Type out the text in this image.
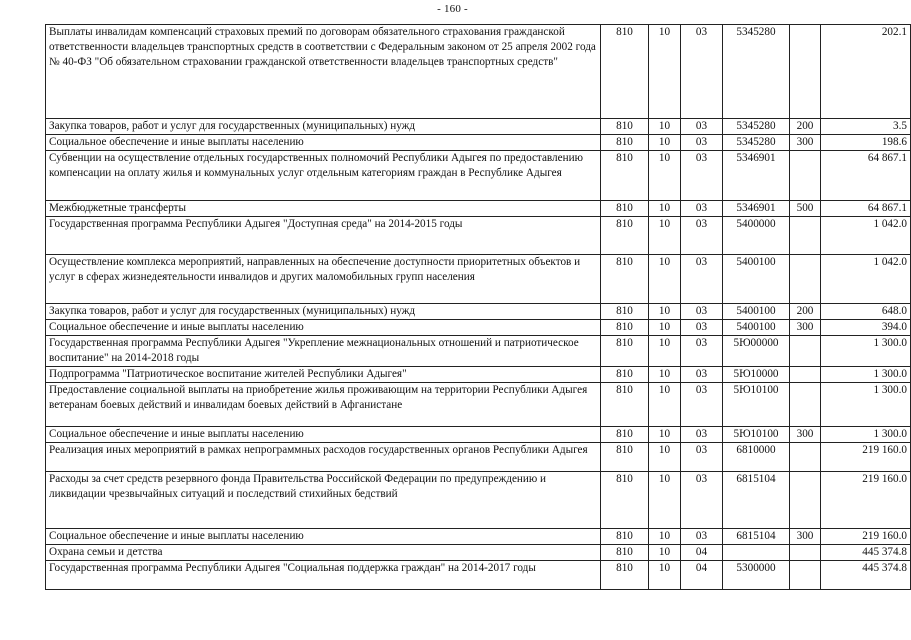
- 160 -
Выплаты инвалидам компенсаций страховых премий по договорам обязательного страхования гражданской ответственности владельцев транспортных средств в соответствии с Федеральным законом от 25 апреля 2002 года № 40-ФЗ "Об обязательном страховании гражданской ответственности владельцев транспортных средств"	810	10	03	5345280		202.1
Закупка товаров, работ и услуг для государственных (муниципальных) нужд	810	10	03	5345280	200	3.5
Социальное обеспечение и иные выплаты населению	810	10	03	5345280	300	198.6
Субвенции на осуществление отдельных государственных полномочий Республики Адыгея по предоставлению компенсации на оплату жилья и коммунальных услуг отдельным категориям граждан в Республике Адыгея	810	10	03	5346901		64 867.1
Межбюджетные трансферты	810	10	03	5346901	500	64 867.1
Государственная программа Республики Адыгея "Доступная среда" на 2014-2015 годы	810	10	03	5400000		1 042.0
Осуществление комплекса мероприятий, направленных на обеспечение доступности приоритетных объектов и услуг в сферах жизнедеятельности инвалидов и других маломобильных групп населения	810	10	03	5400100		1 042.0
Закупка товаров, работ и услуг для государственных (муниципальных) нужд	810	10	03	5400100	200	648.0
Социальное обеспечение и иные выплаты населению	810	10	03	5400100	300	394.0
Государственная программа Республики Адыгея "Укрепление межнациональных отношений и патриотическое воспитание" на 2014-2018 годы	810	10	03	5Ю00000		1 300.0
Подпрограмма "Патриотическое воспитание жителей Республики Адыгея"	810	10	03	5Ю10000		1 300.0
Предоставление социальной выплаты на приобретение жилья проживающим на территории Республики Адыгея ветеранам боевых действий и инвалидам боевых действий в Афганистане	810	10	03	5Ю10100		1 300.0
Социальное обеспечение и иные выплаты населению	810	10	03	5Ю10100	300	1 300.0
Реализация иных мероприятий в рамках непрограммных расходов государственных органов Республики Адыгея	810	10	03	6810000		219 160.0
Расходы за счет средств резервного фонда Правительства Российской Федерации по предупреждению и ликвидации чрезвычайных ситуаций и последствий стихийных бедствий	810	10	03	6815104		219 160.0
Социальное обеспечение и иные выплаты населению	810	10	03	6815104	300	219 160.0
Охрана семьи и детства	810	10	04			445 374.8
Государственная программа Республики Адыгея "Социальная поддержка граждан" на 2014-2017 годы	810	10	04	5300000		445 374.8
